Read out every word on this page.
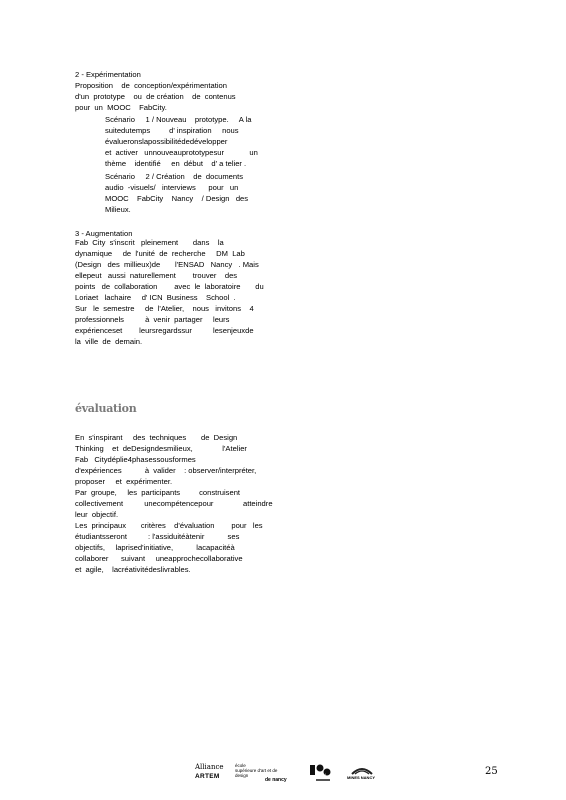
2 - Expérimentation
Proposition    de  conception/expérimentation
d'un  prototype    ou  de création    de  contenus
pour  un  MOOC    FabCity.
Scénario     1 / Nouveau    prototype.     A la
suitedutemps         d' inspiration     nous
évalueronslapossibilitédedévelopper
et  activer   unnouveauprototypesur            un
thème    identifié     en  début    d' a telier .
Scénario     2 / Création    de  documents
audio  -visuels/   interviews      pour   un
MOOC    FabCity    Nancy    / Design   des
Milieux.
3 - Augmentation
Fab  City  s'inscrit   pleinement       dans    la
dynamique     de  l'unité  de  recherche     DM  Lab
(Design   des  millieux)de       l'ENSAD   Nancy   . Mais
ellepeut   aussi  naturellement        trouver    des
points   de  collaboration        avec  le  laboratoire       du
Loriaet   lachaire     d' ICN  Business    School  .
Sur   le  semestre     de  l'Atelier,    nous   invitons    4
professionnels          à  venir  partager     leurs
expérienceset        leursregardssur          lesenjeuxde
la  ville  de  demain.
évaluation
En  s'inspirant     des  techniques       de  Design
Thinking    et  deDesigndesmilieux,              l'Atelier
Fab   Citydéplie4phasessousformes
d'expériences           à  valider    : observer/interpréter,
proposer     et  expérimenter.
Par  groupe,     les  participants         construisent
collectivement          unecompétencepour              atteindre
leur  objectif.
Les  principaux       critères    d'évaluation        pour   les
étudiantsseront          : l'assiduitéàtenir           ses
objectifs,     laprised'initiative,           lacapacitéà
collaborer      suivant     uneapprochecollaborative
et  agile,    lacréativitédeslivrables.
Alliance
ARTEM
école
supérieure d'art et de
design
de nancy
ICN
MINES NANCY
25
